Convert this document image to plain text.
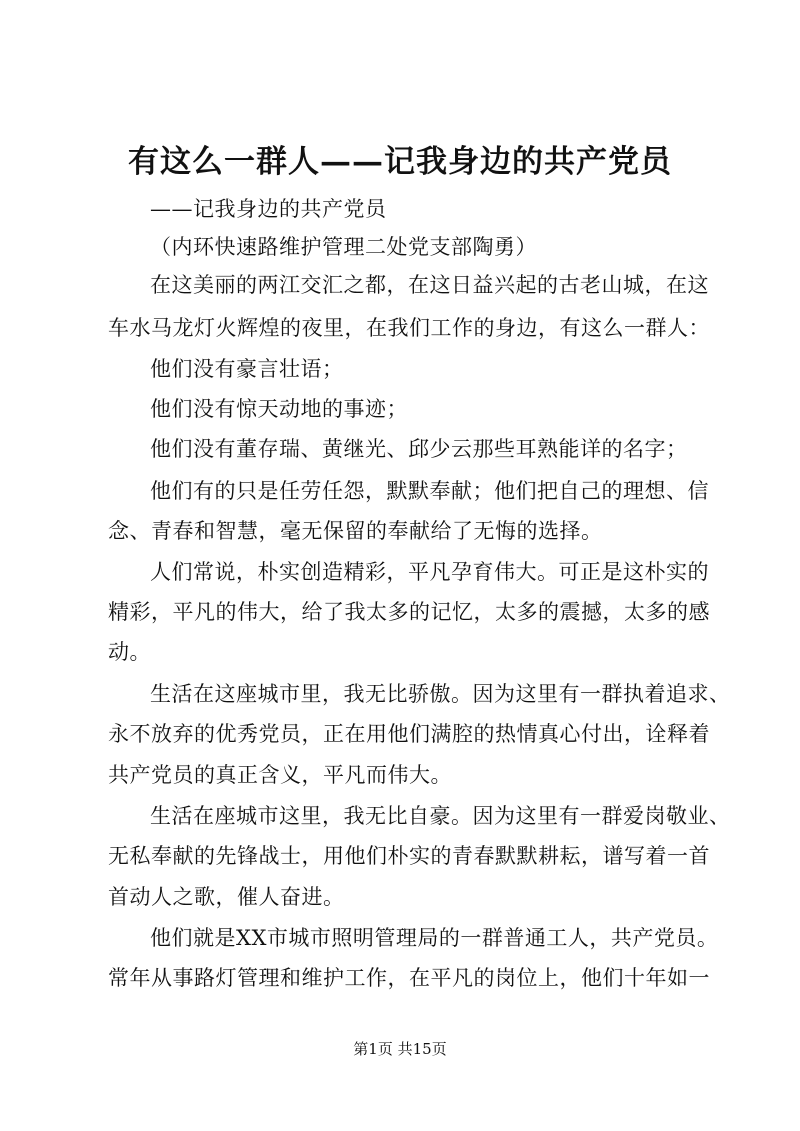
有这么一群人——记我身边的共产党员

——记我身边的共产党员

（内环快速路维护管理二处党支部陶勇）

在这美丽的两江交汇之都，在这日益兴起的古老山城，在这

车水马龙灯火辉煌的夜里，在我们工作的身边，有这么一群人：

他们没有豪言壮语；

他们没有惊天动地的事迹；

他们没有董存瑞、黄继光、邱少云那些耳熟能详的名字；

他们有的只是任劳任怨，默默奉献；他们把自己的理想、信

念、青春和智慧，毫无保留的奉献给了无悔的选择。

人们常说，朴实创造精彩，平凡孕育伟大。可正是这朴实的

精彩，平凡的伟大，给了我太多的记忆，太多的震撼，太多的感

动。

生活在这座城市里，我无比骄傲。因为这里有一群执着追求、

永不放弃的优秀党员，正在用他们满腔的热情真心付出，诠释着

共产党员的真正含义，平凡而伟大。

生活在座城市这里，我无比自豪。因为这里有一群爱岗敬业、

无私奉献的先锋战士，用他们朴实的青春默默耕耘，谱写着一首

首动人之歌，催人奋进。

他们就是XX市城市照明管理局的一群普通工人，共产党员。

常年从事路灯管理和维护工作，在平凡的岗位上，他们十年如一

第1页 共15页
